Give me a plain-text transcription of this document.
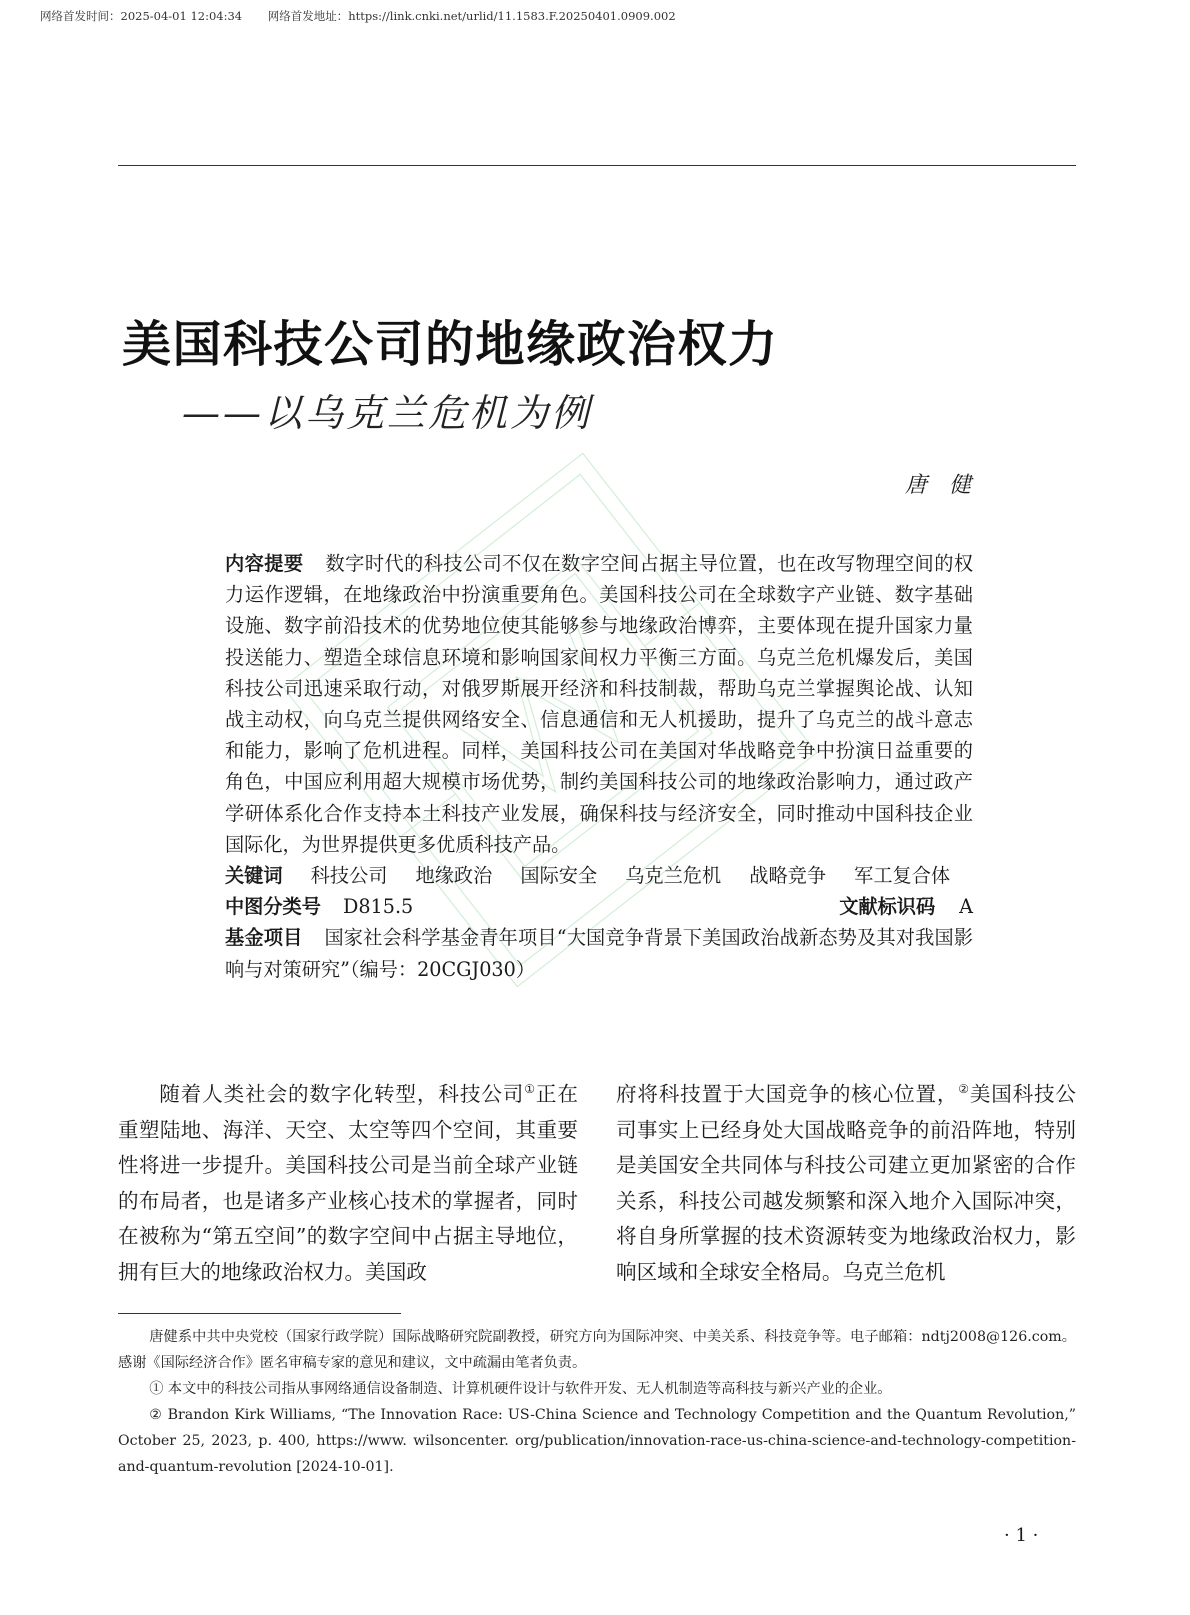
网络首发时间：2025-04-01 12:04:34 网络首发地址：https://link.cnki.net/urlid/11.1583.F.20250401.0909.002
美国科技公司的地缘政治权力
——以乌克兰危机为例
唐健

内容提要 数字时代的科技公司不仅在数字空间占据主导位置，也在改写物理空间的权力运作逻辑，在地缘政治中扮演重要角色。美国科技公司在全球数字产业链、数字基础设施、数字前沿技术的优势地位使其能够参与地缘政治博弈，主要体现在提升国家力量投送能力、塑造全球信息环境和影响国家间权力平衡三方面。乌克兰危机爆发后，美国科技公司迅速采取行动，对俄罗斯展开经济和科技制裁，帮助乌克兰掌握舆论战、认知战主动权，向乌克兰提供网络安全、信息通信和无人机援助，提升了乌克兰的战斗意志和能力，影响了危机进程。同样，美国科技公司在美国对华战略竞争中扮演日益重要的角色，中国应利用超大规模市场优势，制约美国科技公司的地缘政治影响力，通过政产学研体系化合作支持本土科技产业发展，确保科技与经济安全，同时推动中国科技企业国际化，为世界提供更多优质科技产品。

关键词 科技公司 地缘政治 国际安全 乌克兰危机 战略竞争 军工复合体

中图分类号 D815.5	文献标识码 A

基金项目 国家社会科学基金青年项目“大国竞争背景下美国政治战新态势及其对我国影响与对策研究”（编号：20CGJ030）

随着人类社会的数字化转型，科技公司①正在重塑陆地、海洋、天空、太空等四个空间，其重要性将进一步提升。美国科技公司是当前全球产业链的布局者，也是诸多产业核心技术的掌握者，同时在被称为“第五空间”的数字空间中占据主导地位，拥有巨大的地缘政治权力。美国政

府将科技置于大国竞争的核心位置，②美国科技公司事实上已经身处大国战略竞争的前沿阵地，特别是美国安全共同体与科技公司建立更加紧密的合作关系，科技公司越发频繁和深入地介入国际冲突，将自身所掌握的技术资源转变为地缘政治权力，影响区域和全球安全格局。乌克兰危机

唐健系中共中央党校（国家行政学院）国际战略研究院副教授，研究方向为国际冲突、中美关系、科技竞争等。电子邮箱：ndtj2008@126.com。感谢《国际经济合作》匿名审稿专家的意见和建议，文中疏漏由笔者负责。

① 本文中的科技公司指从事网络通信设备制造、计算机硬件设计与软件开发、无人机制造等高科技与新兴产业的企业。

② Brandon Kirk Williams, “The Innovation Race: US-China Science and Technology Competition and the Quantum Revolution,” October 25, 2023, p. 400, https://www. wilsoncenter. org/publication/innovation-race-us-china-science-and-technology-competition-and-quantum-revolution [2024-10-01].

· 1 ·
